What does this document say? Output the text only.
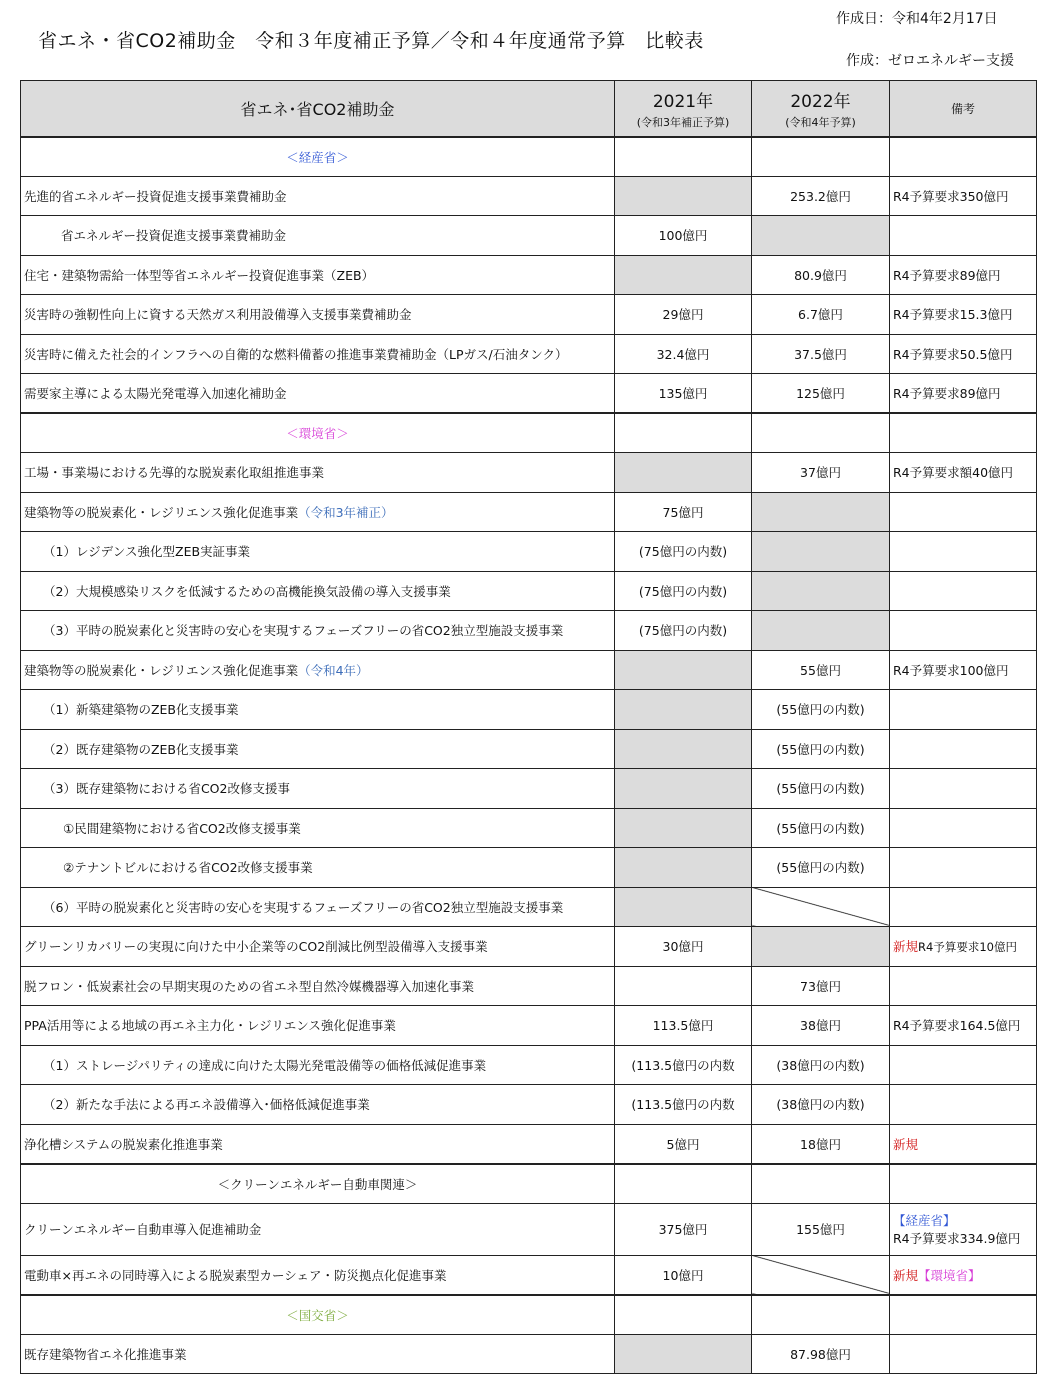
省エネ・省CO2補助金　令和３年度補正予算／令和４年度通常予算　比較表
作成日：令和4年2月17日
作成：ゼロエネルギー支援
省エネ･省CO2補助金	2021年
(令和3年補正予算)	2022年
(令和4年予算)	備考
＜経産省＞			
先進的省エネルギー投資促進支援事業費補助金		253.2億円	R4予算要求350億円
省エネルギー投資促進支援事業費補助金	100億円		
住宅・建築物需給一体型等省エネルギー投資促進事業（ZEB）		80.9億円	R4予算要求89億円
災害時の強靭性向上に資する天然ガス利用設備導入支援事業費補助金	29億円	6.7億円	R4予算要求15.3億円
災害時に備えた社会的インフラへの自衛的な燃料備蓄の推進事業費補助金（LPガス/石油タンク）	32.4億円	37.5億円	R4予算要求50.5億円
需要家主導による太陽光発電導入加速化補助金	135億円	125億円	R4予算要求89億円
＜環境省＞			
工場・事業場における先導的な脱炭素化取組推進事業		37億円	R4予算要求額40億円
建築物等の脱炭素化・レジリエンス強化促進事業（令和3年補正）	75億円		
（1）レジデンス強化型ZEB実証事業	(75億円の内数)		
（2）大規模感染リスクを低減するための高機能換気設備の導入支援事業	(75億円の内数)		
（3）平時の脱炭素化と災害時の安心を実現するフェーズフリーの省CO2独立型施設支援事業	(75億円の内数)		
建築物等の脱炭素化・レジリエンス強化促進事業（令和4年）		55億円	R4予算要求100億円
（1）新築建築物のZEB化支援事業		(55億円の内数)	
（2）既存建築物のZEB化支援事業		(55億円の内数)	
（3）既存建築物における省CO2改修支援事		(55億円の内数)	
①民間建築物における省CO2改修支援事業		(55億円の内数)	
②テナントビルにおける省CO2改修支援事業		(55億円の内数)	
（6）平時の脱炭素化と災害時の安心を実現するフェーズフリーの省CO2独立型施設支援事業			
グリーンリカバリーの実現に向けた中小企業等のCO2削減比例型設備導入支援事業	30億円		新規R4予算要求10億円
脱フロン・低炭素社会の早期実現のための省エネ型自然冷媒機器導入加速化事業		73億円	
PPA活用等による地域の再エネ主力化・レジリエンス強化促進事業	113.5億円	38億円	R4予算要求164.5億円
（1）ストレージパリティの達成に向けた太陽光発電設備等の価格低減促進事業	(113.5億円の内数	(38億円の内数)	
（2）新たな手法による再エネ設備導入･価格低減促進事業	(113.5億円の内数	(38億円の内数)	
浄化槽システムの脱炭素化推進事業	5億円	18億円	新規
＜クリーンエネルギー自動車関連＞			
クリーンエネルギー自動車導入促進補助金	375億円	155億円	【経産省】
R4予算要求334.9億円

電動車×再エネの同時導入による脱炭素型カーシェア・防災拠点化促進事業	10億円		新規【環境省】
＜国交省＞			
既存建築物省エネ化推進事業		87.98億円	
